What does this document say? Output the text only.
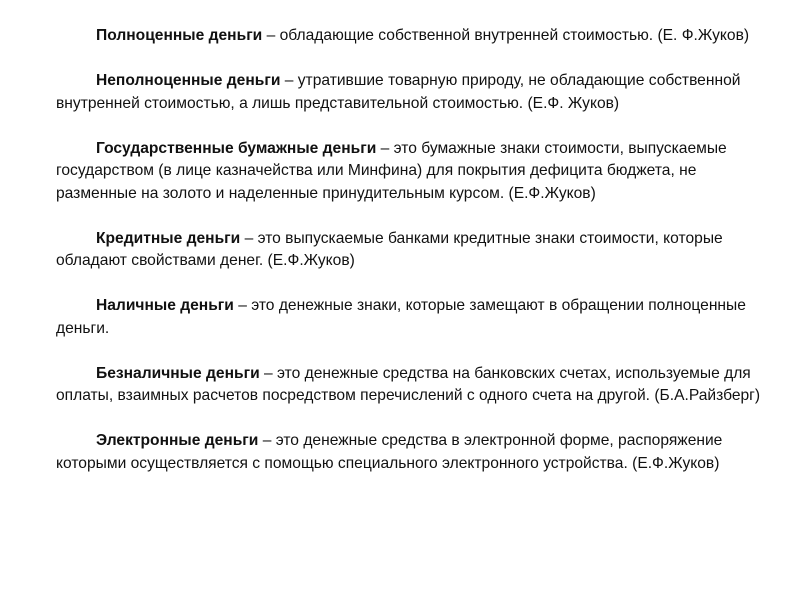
Полноценные деньги – обладающие собственной внутренней стоимостью. (Е. Ф.Жуков)

Неполноценные деньги – утратившие товарную природу, не обладающие собственной внутренней стоимостью, а лишь представительной стоимостью. (Е.Ф. Жуков)

Государственные бумажные деньги – это бумажные знаки стоимости, выпускаемые государством (в лице казначейства или Минфина) для покрытия дефицита бюджета, не разменные на золото и наделенные принудительным курсом. (Е.Ф.Жуков)

Кредитные деньги – это выпускаемые банками кредитные знаки стоимости, которые обладают свойствами денег. (Е.Ф.Жуков)

Наличные деньги – это денежные знаки, которые замещают в обращении полноценные деньги.

Безналичные деньги – это денежные средства на банковских счетах, используемые для оплаты, взаимных расчетов посредством перечислений с одного счета на другой. (Б.А.Райзберг)

Электронные деньги – это денежные средства в электронной форме, распоряжение которыми осуществляется с помощью специального электронного устройства. (Е.Ф.Жуков)
